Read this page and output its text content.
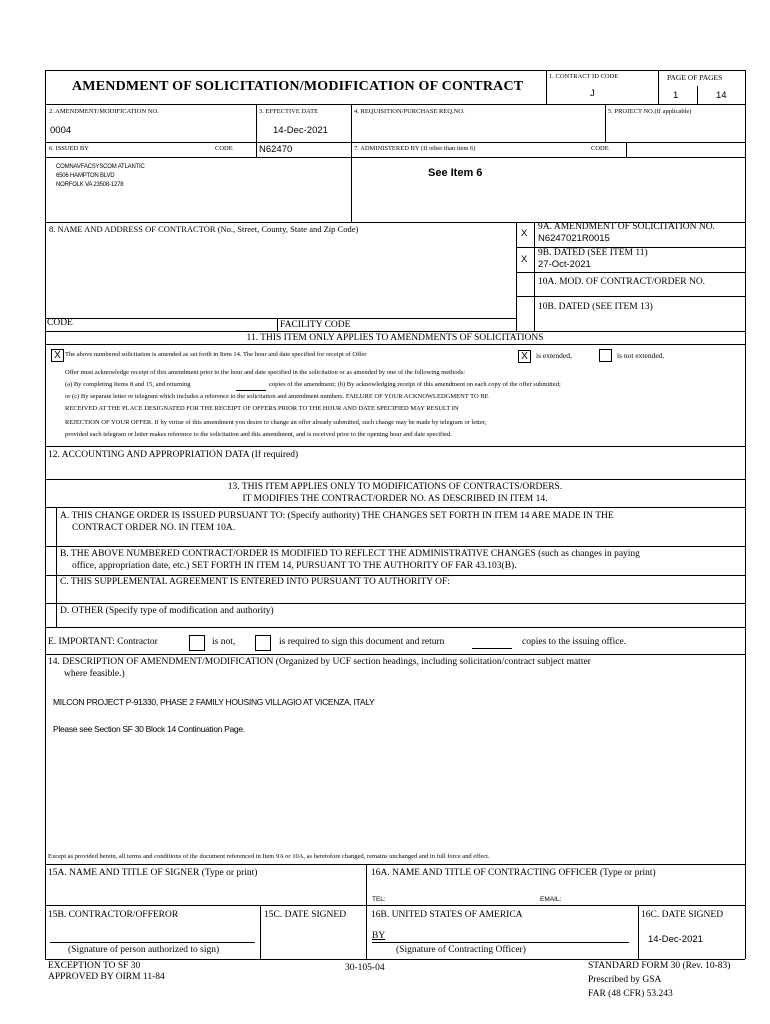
AMENDMENT OF SOLICITATION/MODIFICATION OF CONTRACT
1. CONTRACT ID CODE
J
PAGE OF PAGES
1	14
2. AMENDMENT/MODIFICATION NO.
0004
3. EFFECTIVE DATE
14-Dec-2021
4. REQUISITION/PURCHASE REQ.NO.	5. PROJECT NO.(If applicable)
6. ISSUED BY	CODE	N62470	7. ADMINISTERED BY (If other than item 6)	CODE
COMNAVFACSYSCOM ATLANTIC
6506 HAMPTON BLVD
NORFOLK VA 23508-1278
See Item 6
8. NAME AND ADDRESS OF CONTRACTOR (No., Street, County, State and Zip Code)	X
9A. AMENDMENT OF SOLICITATION NO.
N6247021R0015
X
9B. DATED (SEE ITEM 11)
27-Oct-2021
10A. MOD. OF CONTRACT/ORDER NO.
10B. DATED (SEE ITEM 13)
CODE	FACILITY CODE
11. THIS ITEM ONLY APPLIES TO AMENDMENTS OF SOLICITATIONS
X The above numbered solicitation is amended as set forth in Item 14. The hour and date specified for receipt of Offer	X	is extended,	is not extended.
Offer must acknowledge receipt of this amendment prior to the hour and date specified in the solicitation or as amended by one of the following methods:
(a) By completing Items 8 and 15, and returning	copies of the amendment; (b) By acknowledging receipt of this amendment on each copy of the offer submitted;
or (c) By separate letter or telegram which includes a reference to the solicitation and amendment numbers. FAILURE OF YOUR ACKNOWLEDGMENT TO BE
RECEIVED AT THE PLACE DESIGNATED FOR THE RECEIPT OF OFFERS PRIOR TO THE HOUR AND DATE SPECIFIED MAY RESULT IN
REJECTION OF YOUR OFFER. If by virtue of this amendment you desire to change an offer already submitted, such change may be made by telegram or letter,
provided each telegram or letter makes reference to the solicitation and this amendment, and is received prior to the opening hour and date specified.
12. ACCOUNTING AND APPROPRIATION DATA (If required)
13. THIS ITEM APPLIES ONLY TO MODIFICATIONS OF CONTRACTS/ORDERS.
IT MODIFIES THE CONTRACT/ORDER NO. AS DESCRIBED IN ITEM 14.
A. THIS CHANGE ORDER IS ISSUED PURSUANT TO: (Specify authority) THE CHANGES SET FORTH IN ITEM 14 ARE MADE IN THE
CONTRACT ORDER NO. IN ITEM 10A.
B. THE ABOVE NUMBERED CONTRACT/ORDER IS MODIFIED TO REFLECT THE ADMINISTRATIVE CHANGES (such as changes in paying
office, appropriation date, etc.) SET FORTH IN ITEM 14, PURSUANT TO THE AUTHORITY OF FAR 43.103(B).
C. THIS SUPPLEMENTAL AGREEMENT IS ENTERED INTO PURSUANT TO AUTHORITY OF:
D. OTHER (Specify type of modification and authority)
E. IMPORTANT: Contractor	is not,	is required to sign this document and return	copies to the issuing office.
14. DESCRIPTION OF AMENDMENT/MODIFICATION (Organized by UCF section headings, including solicitation/contract subject matter
where feasible.)
MILCON PROJECT P-91330, PHASE 2 FAMILY HOUSING VILLAGIO AT VICENZA, ITALY
Please see Section SF 30 Block 14 Continuation Page.
Except as provided herein, all terms and conditions of the document referenced in Item 9A or 10A, as heretofore changed, remains unchanged and in full force and effect.
15A. NAME AND TITLE OF SIGNER (Type or print)	16A. NAME AND TITLE OF CONTRACTING OFFICER (Type or print)
TEL:	EMAIL:
15B. CONTRACTOR/OFFEROR	15C. DATE SIGNED	16B. UNITED STATES OF AMERICA	16C. DATE SIGNED
BY	14-Dec-2021
(Signature of person authorized to sign)	(Signature of Contracting Officer)
EXCEPTION TO SF 30
APPROVED BY OIRM 11-84
30-105-04	STANDARD FORM 30 (Rev. 10-83)
Prescribed by GSA
FAR (48 CFR) 53.243
